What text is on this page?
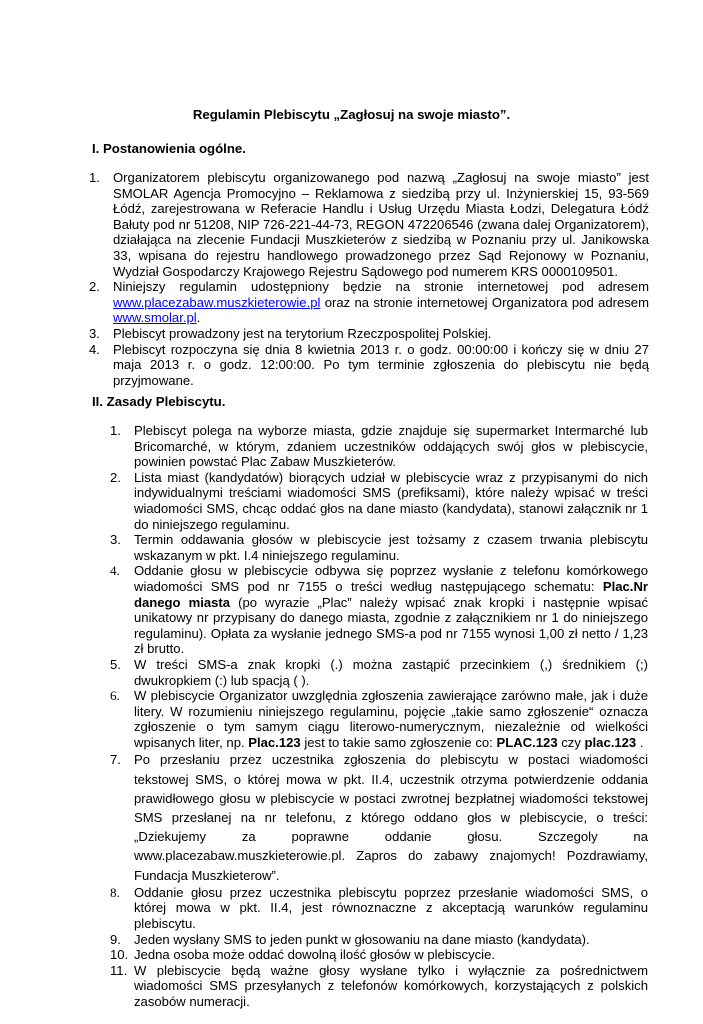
Regulamin Plebiscytu „Zagłosuj na swoje miasto”.
I. Postanowienia ogólne.
1. Organizatorem plebiscytu organizowanego pod nazwą „Zagłosuj na swoje miasto” jest SMOLAR Agencja Promocyjno – Reklamowa z siedzibą przy ul. Inżynierskiej 15, 93-569 Łódź, zarejestrowana w Referacie Handlu i Usług Urzędu Miasta Łodzi, Delegatura Łódź Bałuty pod nr 51208, NIP 726-221-44-73, REGON 472206546 (zwana dalej Organizatorem), działająca na zlecenie Fundacji Muszkieterów z siedzibą w Poznaniu przy ul. Janikowska 33, wpisana do rejestru handlowego prowadzonego przez Sąd Rejonowy w Poznaniu, Wydział Gospodarczy Krajowego Rejestru Sądowego pod numerem KRS 0000109501.
2. Niniejszy regulamin udostępniony będzie na stronie internetowej pod adresem www.placezabaw.muszkieterowie.pl oraz na stronie internetowej Organizatora pod adresem www.smolar.pl.
3. Plebiscyt prowadzony jest na terytorium Rzeczpospolitej Polskiej.
4. Plebiscyt rozpoczyna się dnia 8 kwietnia 2013 r. o godz. 00:00:00 i kończy się w dniu 27 maja 2013 r. o godz. 12:00:00. Po tym terminie zgłoszenia do plebiscytu nie będą przyjmowane.
II. Zasady Plebiscytu.
1. Plebiscyt polega na wyborze miasta, gdzie znajduje się supermarket Intermarché lub Bricomarché, w którym, zdaniem uczestników oddających swój głos w plebiscycie, powinien powstać Plac Zabaw Muszkieterów.
2. Lista miast (kandydatów) biorących udział w plebiscycie wraz z przypisanymi do nich indywidualnymi treściami wiadomości SMS (prefiksami), które należy wpisać w treści wiadomości SMS, chcąc oddać głos na dane miasto (kandydata), stanowi załącznik nr 1 do niniejszego regulaminu.
3. Termin oddawania głosów w plebiscycie jest tożsamy z czasem trwania plebiscytu wskazanym w pkt. I.4 niniejszego regulaminu.
4. Oddanie głosu w plebiscycie odbywa się poprzez wysłanie z telefonu komórkowego wiadomości SMS pod nr 7155 o treści według następującego schematu: Plac.Nr danego miasta (po wyrazie „Plac” należy wpisać znak kropki i następnie wpisać unikatowy nr przypisany do danego miasta, zgodnie z załącznikiem nr 1 do niniejszego regulaminu). Opłata za wysłanie jednego SMS-a pod nr 7155 wynosi 1,00 zł netto / 1,23 zł brutto.
5. W treści SMS-a znak kropki (.) można zastąpić przecinkiem (,) średnikiem (;) dwukropkiem (:) lub spacją ( ).
6. W plebiscycie Organizator uwzględnia zgłoszenia zawierające zarówno małe, jak i duże litery. W rozumieniu niniejszego regulaminu, pojęcie „takie samo zgłoszenie“ oznacza zgłoszenie o tym samym ciągu literowo-numerycznym, niezależnie od wielkości wpisanych liter, np. Plac.123 jest to takie samo zgłoszenie co: PLAC.123 czy plac.123 .
7. Po przesłaniu przez uczestnika zgłoszenia do plebiscytu w postaci wiadomości tekstowej SMS, o której mowa w pkt. II.4, uczestnik otrzyma potwierdzenie oddania prawidłowego głosu w plebiscycie w postaci zwrotnej bezpłatnej wiadomości tekstowej SMS przesłanej na nr telefonu, z którego oddano głos w plebiscycie, o treści: „Dziekujemy za poprawne oddanie głosu. Szczegoly na www.placezabaw.muszkieterowie.pl. Zapros do zabawy znajomych! Pozdrawiamy, Fundacja Muszkieterow”.
8. Oddanie głosu przez uczestnika plebiscytu poprzez przesłanie wiadomości SMS, o której mowa w pkt. II.4, jest równoznaczne z akceptacją warunków regulaminu plebiscytu.
9. Jeden wysłany SMS to jeden punkt w głosowaniu na dane miasto (kandydata).
10. Jedna osoba może oddać dowolną ilość głosów w plebiscycie.
11. W plebiscycie będą ważne głosy wysłane tylko i wyłącznie za pośrednictwem wiadomości SMS przesyłanych z telefonów komórkowych, korzystających z polskich zasobów numeracji.
